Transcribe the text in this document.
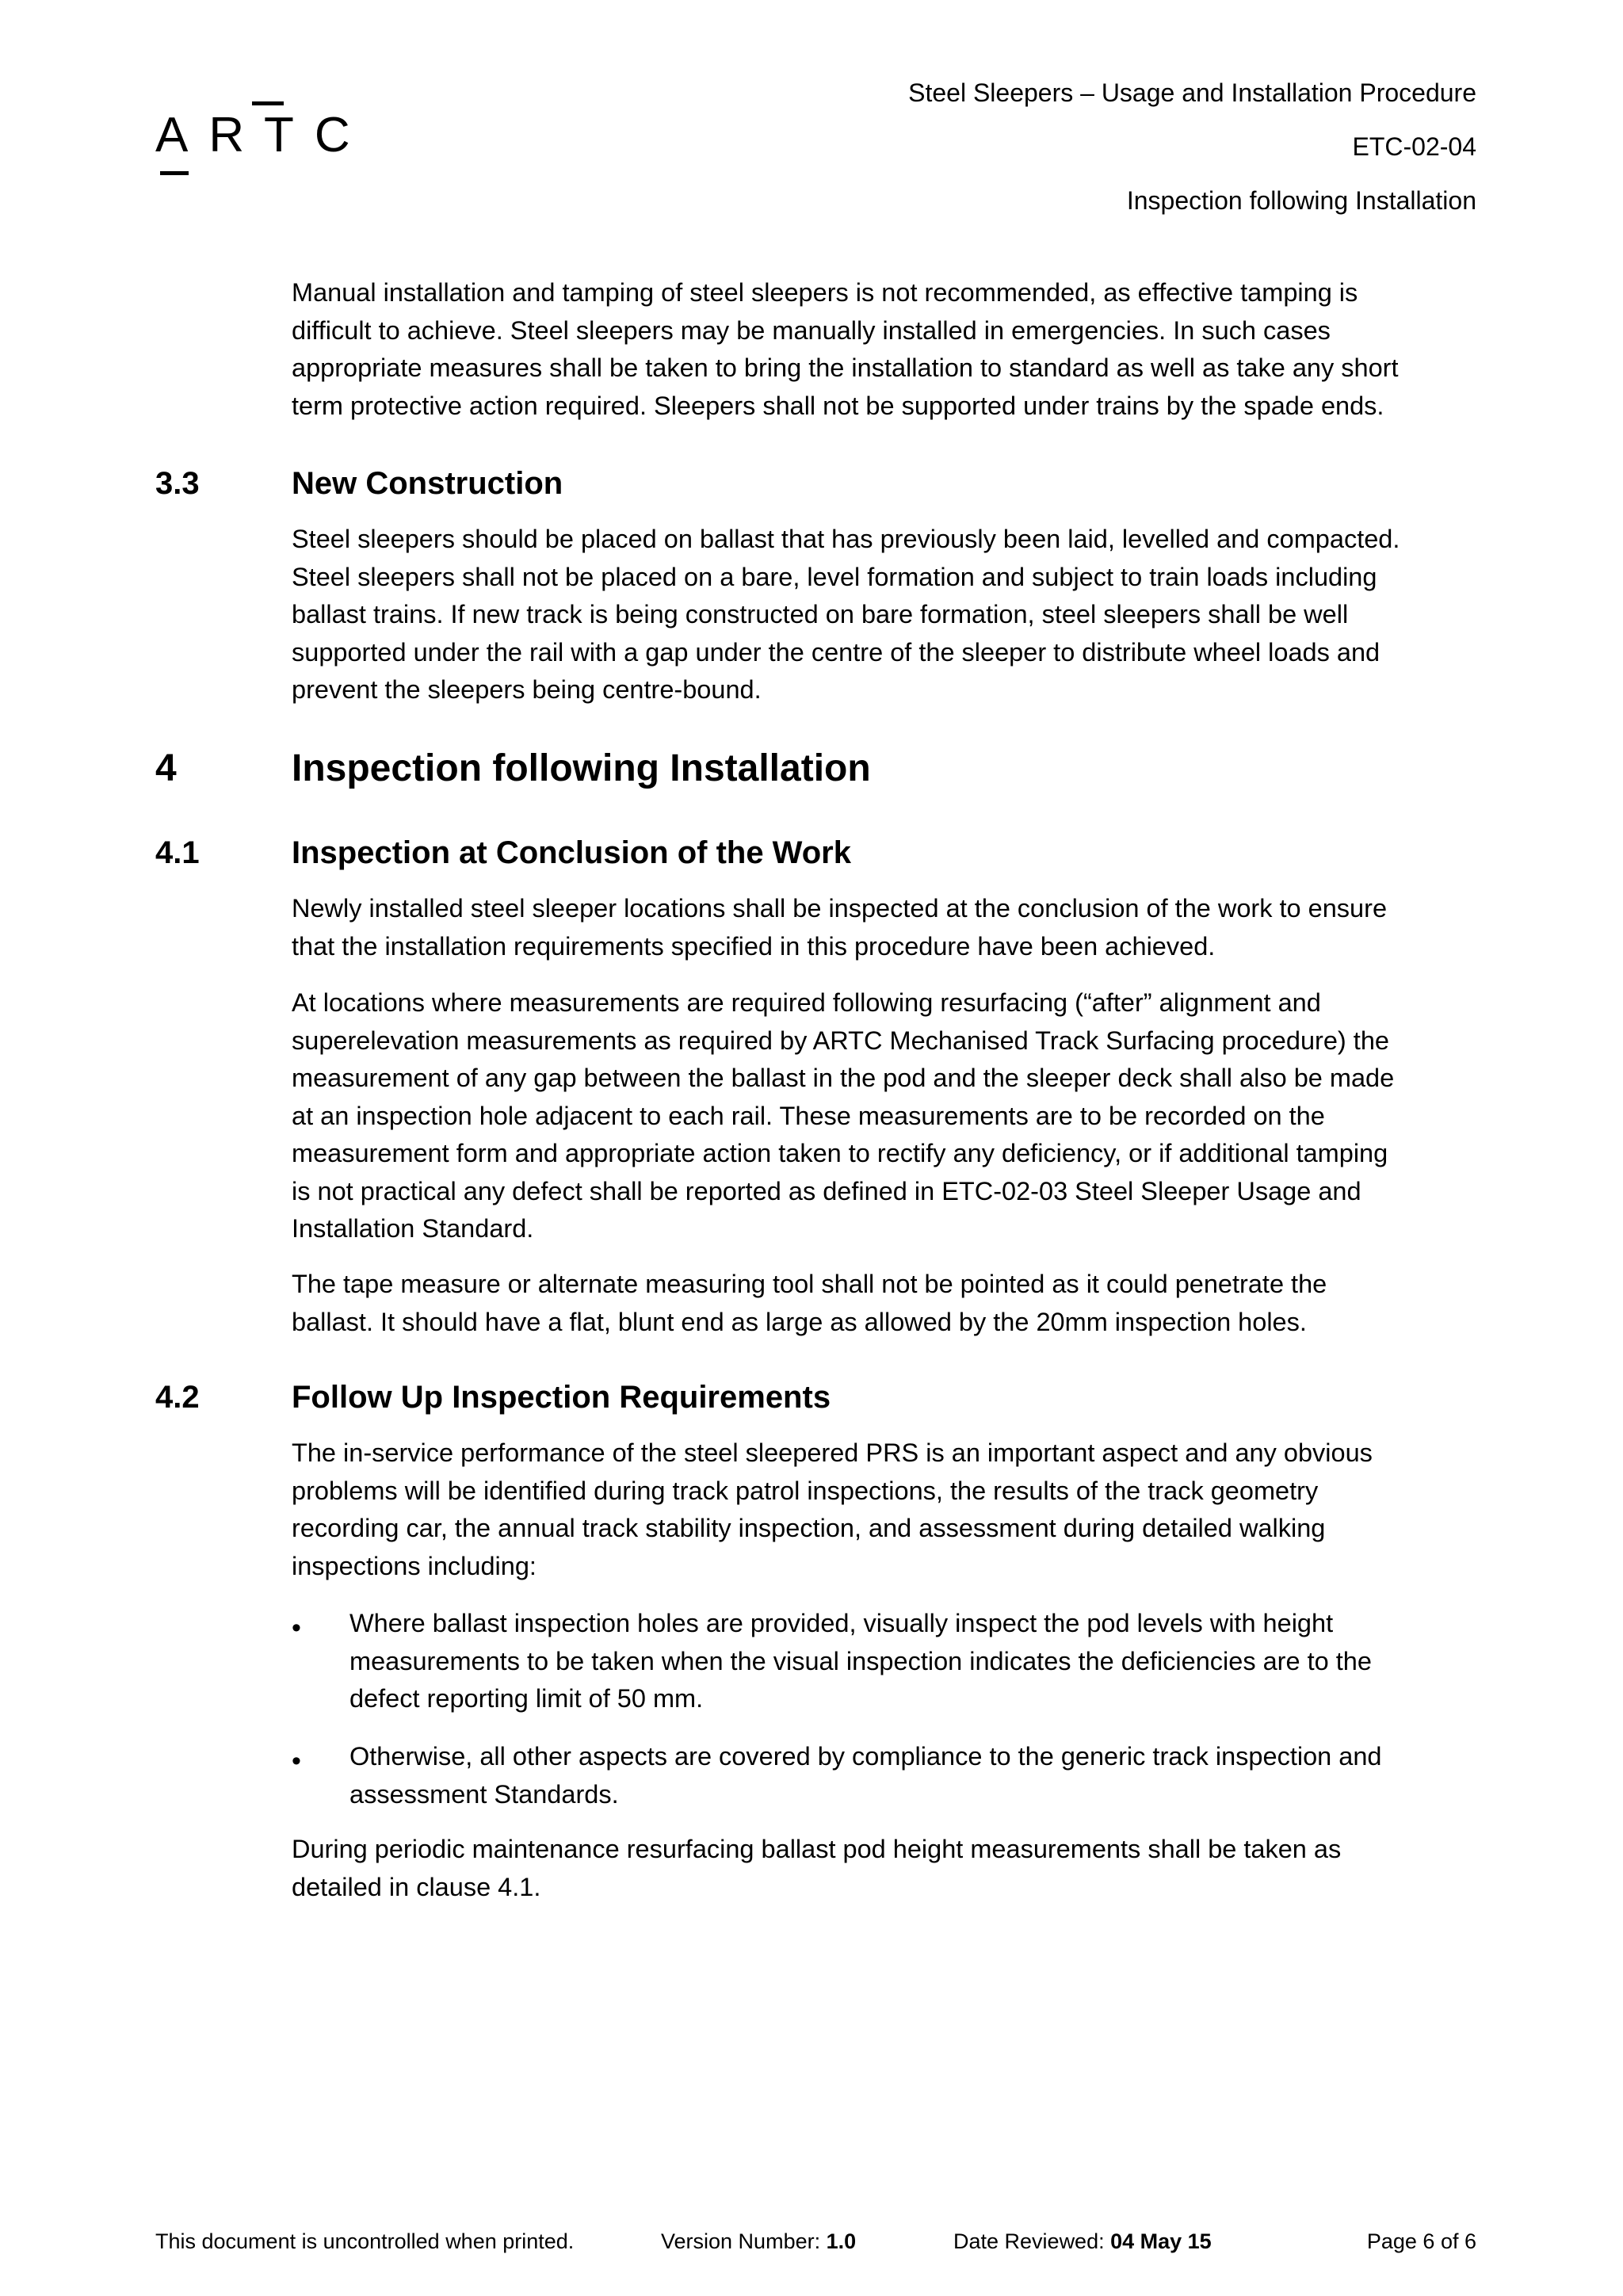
ARTC
Steel Sleepers – Usage and Installation Procedure
ETC-02-04
Inspection following Installation
Manual installation and tamping of steel sleepers is not recommended, as effective tamping is
difficult to achieve. Steel sleepers may be manually installed in emergencies. In such cases
appropriate measures shall be taken to bring the installation to standard as well as take any short
term protective action required. Sleepers shall not be supported under trains by the spade ends.
3.3	New Construction
Steel sleepers should be placed on ballast that has previously been laid, levelled and compacted.
Steel sleepers shall not be placed on a bare, level formation and subject to train loads including
ballast trains. If new track is being constructed on bare formation, steel sleepers shall be well
supported under the rail with a gap under the centre of the sleeper to distribute wheel loads and
prevent the sleepers being centre-bound.
4	Inspection following Installation
4.1	Inspection at Conclusion of the Work
Newly installed steel sleeper locations shall be inspected at the conclusion of the work to ensure
that the installation requirements specified in this procedure have been achieved.
At locations where measurements are required following resurfacing (“after” alignment and
superelevation measurements as required by ARTC Mechanised Track Surfacing procedure) the
measurement of any gap between the ballast in the pod and the sleeper deck shall also be made
at an inspection hole adjacent to each rail. These measurements are to be recorded on the
measurement form and appropriate action taken to rectify any deficiency, or if additional tamping
is not practical any defect shall be reported as defined in ETC-02-03 Steel Sleeper Usage and
Installation Standard.
The tape measure or alternate measuring tool shall not be pointed as it could penetrate the
ballast. It should have a flat, blunt end as large as allowed by the 20mm inspection holes.
4.2	Follow Up Inspection Requirements
The in-service performance of the steel sleepered PRS is an important aspect and any obvious
problems will be identified during track patrol inspections, the results of the track geometry
recording car, the annual track stability inspection, and assessment during detailed walking
inspections including:
• Where ballast inspection holes are provided, visually inspect the pod levels with height
measurements to be taken when the visual inspection indicates the deficiencies are to the
defect reporting limit of 50 mm.
• Otherwise, all other aspects are covered by compliance to the generic track inspection and
assessment Standards.
During periodic maintenance resurfacing ballast pod height measurements shall be taken as
detailed in clause 4.1.
This document is uncontrolled when printed.	Version Number: 1.0	Date Reviewed: 04 May 15	Page 6 of 6
